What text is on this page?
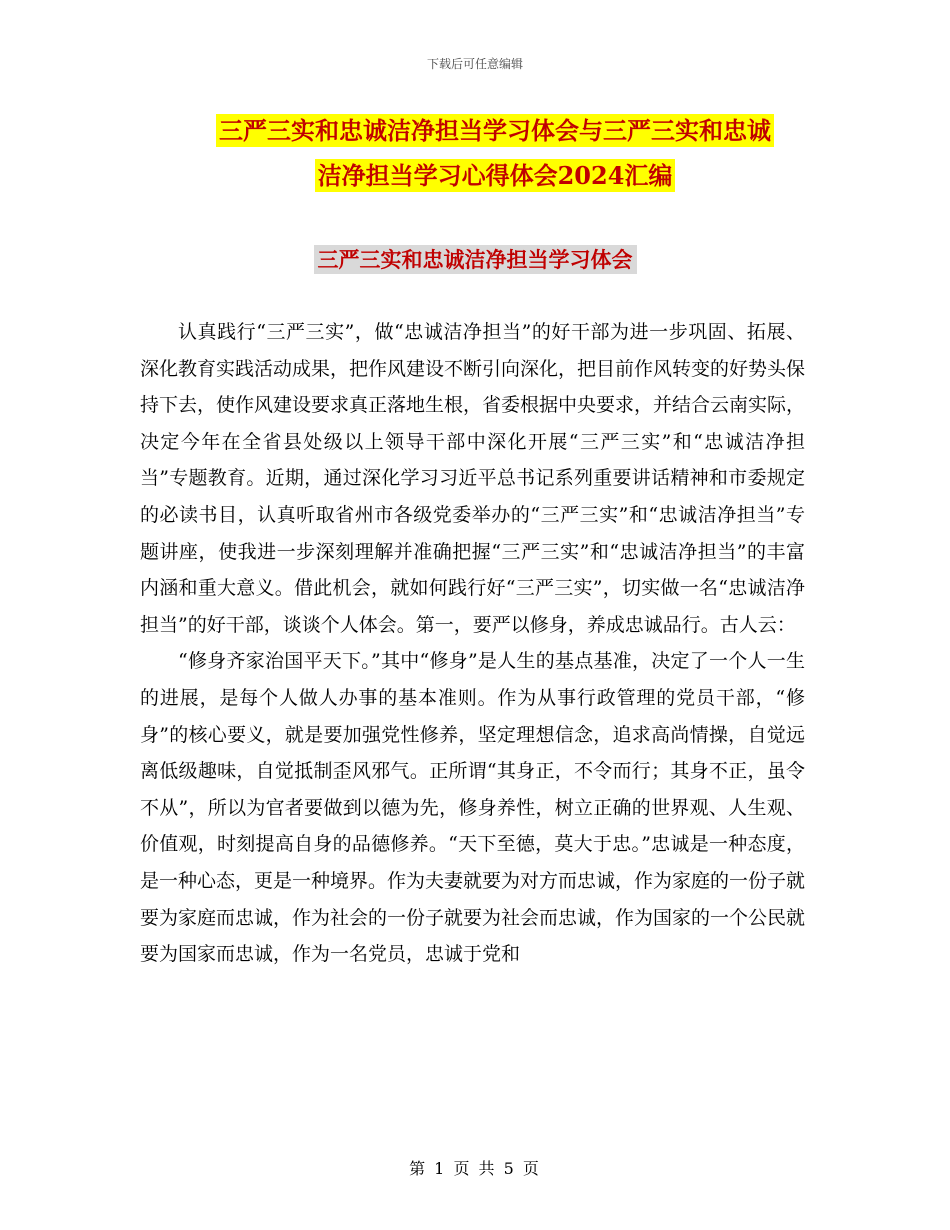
下载后可任意编辑
三严三实和忠诚洁净担当学习体会与三严三实和忠诚
洁净担当学习心得体会2024汇编
三严三实和忠诚洁净担当学习体会

认真践行“三严三实”，做“忠诚洁净担当”的好干部为进一步巩固、拓展、深化教育实践活动成果，把作风建设不断引向深化，把目前作风转变的好势头保持下去，使作风建设要求真正落地生根，省委根据中央要求，并结合云南实际，决定今年在全省县处级以上领导干部中深化开展“三严三实”和“忠诚洁净担当”专题教育。近期，通过深化学习习近平总书记系列重要讲话精神和市委规定的必读书目，认真听取省州市各级党委举办的“三严三实”和“忠诚洁净担当”专题讲座，使我进一步深刻理解并准确把握“三严三实”和“忠诚洁净担当”的丰富内涵和重大意义。借此机会，就如何践行好“三严三实”，切实做一名“忠诚洁净担当”的好干部，谈谈个人体会。第一，要严以修身，养成忠诚品行。古人云：

“修身齐家治国平天下。”其中“修身”是人生的基点基准，决定了一个人一生的进展，是每个人做人办事的基本准则。作为从事行政管理的党员干部，“修身”的核心要义，就是要加强党性修养，坚定理想信念，追求高尚情操，自觉远离低级趣味，自觉抵制歪风邪气。正所谓“其身正，不令而行；其身不正，虽令不从”，所以为官者要做到以德为先，修身养性，树立正确的世界观、人生观、价值观，时刻提高自身的品德修养。“天下至德，莫大于忠。”忠诚是一种态度，是一种心态，更是一种境界。作为夫妻就要为对方而忠诚，作为家庭的一份子就要为家庭而忠诚，作为社会的一份子就要为社会而忠诚，作为国家的一个公民就要为国家而忠诚，作为一名党员，忠诚于党和

第 1 页 共 5 页
